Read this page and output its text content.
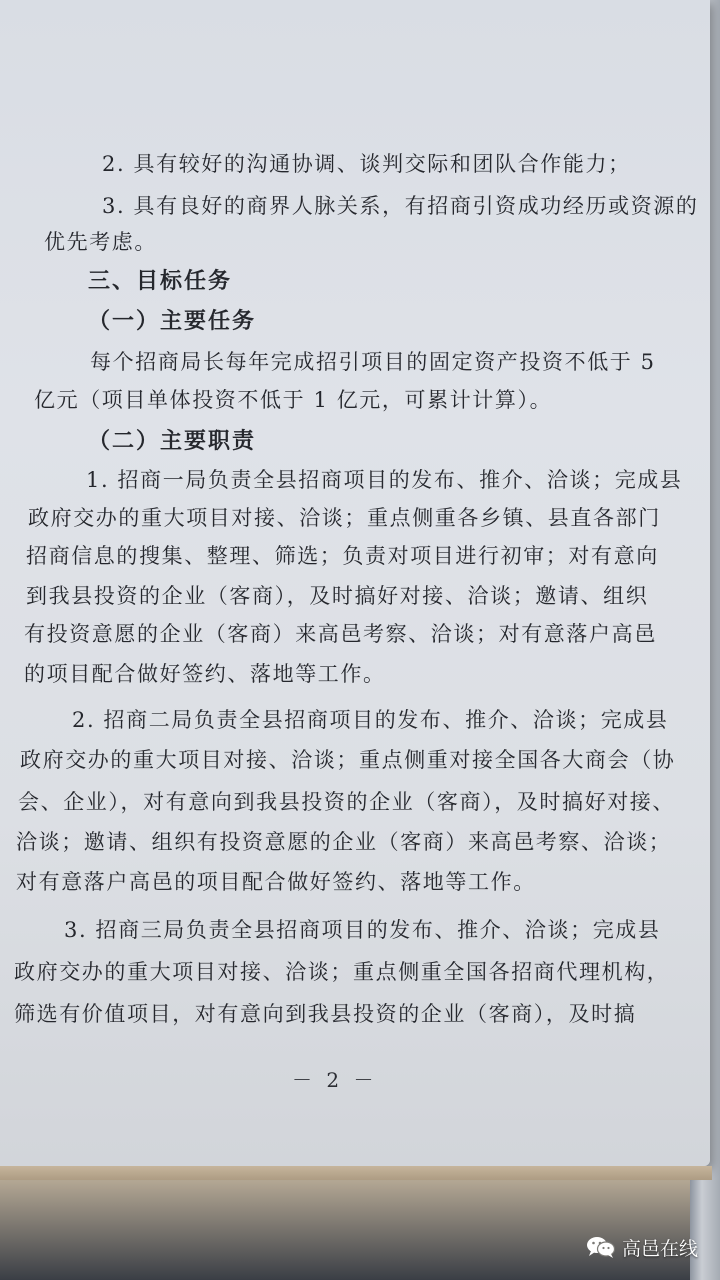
2. 具有较好的沟通协调、谈判交际和团队合作能力；
3. 具有良好的商界人脉关系，有招商引资成功经历或资源的
优先考虑。
三、目标任务
（一）主要任务
每个招商局长每年完成招引项目的固定资产投资不低于 5
亿元（项目单体投资不低于 1 亿元，可累计计算）。
（二）主要职责
1. 招商一局负责全县招商项目的发布、推介、洽谈；完成县
政府交办的重大项目对接、洽谈；重点侧重各乡镇、县直各部门
招商信息的搜集、整理、筛选；负责对项目进行初审；对有意向
到我县投资的企业（客商），及时搞好对接、洽谈；邀请、组织
有投资意愿的企业（客商）来高邑考察、洽谈；对有意落户高邑
的项目配合做好签约、落地等工作。
2. 招商二局负责全县招商项目的发布、推介、洽谈；完成县
政府交办的重大项目对接、洽谈；重点侧重对接全国各大商会（协
会、企业），对有意向到我县投资的企业（客商），及时搞好对接、
洽谈；邀请、组织有投资意愿的企业（客商）来高邑考察、洽谈；
对有意落户高邑的项目配合做好签约、落地等工作。
3. 招商三局负责全县招商项目的发布、推介、洽谈；完成县
政府交办的重大项目对接、洽谈；重点侧重全国各招商代理机构，
筛选有价值项目，对有意向到我县投资的企业（客商），及时搞
－ 2 －
高邑在线
